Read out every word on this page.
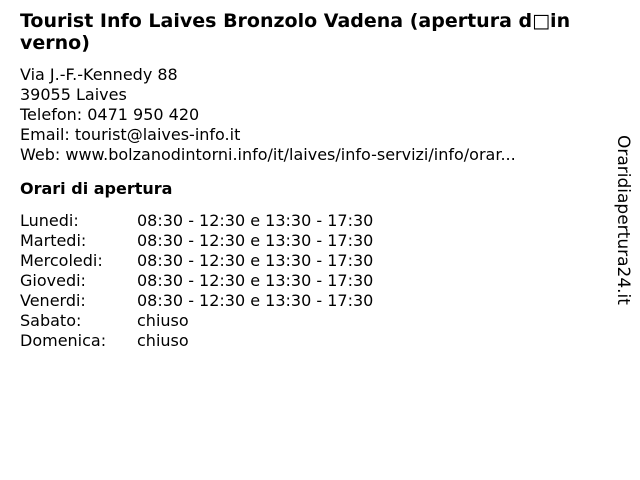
Tourist Info Laives Bronzolo Vadena (apertura d□in verno)
Via J.-F.-Kennedy 88
39055 Laives
Telefon: 0471 950 420
Email: tourist@laives-info.it
Web: www.bolzanodintorni.info/it/laives/info-servizi/info/orar...
Orari di apertura
Lunedi:	08:30 - 12:30 e 13:30 - 17:30
Martedi:	08:30 - 12:30 e 13:30 - 17:30
Mercoledi:	08:30 - 12:30 e 13:30 - 17:30
Giovedi:	08:30 - 12:30 e 13:30 - 17:30
Venerdi:	08:30 - 12:30 e 13:30 - 17:30
Sabato:	chiuso
Domenica:	chiuso
Oraridiapertura24.it
